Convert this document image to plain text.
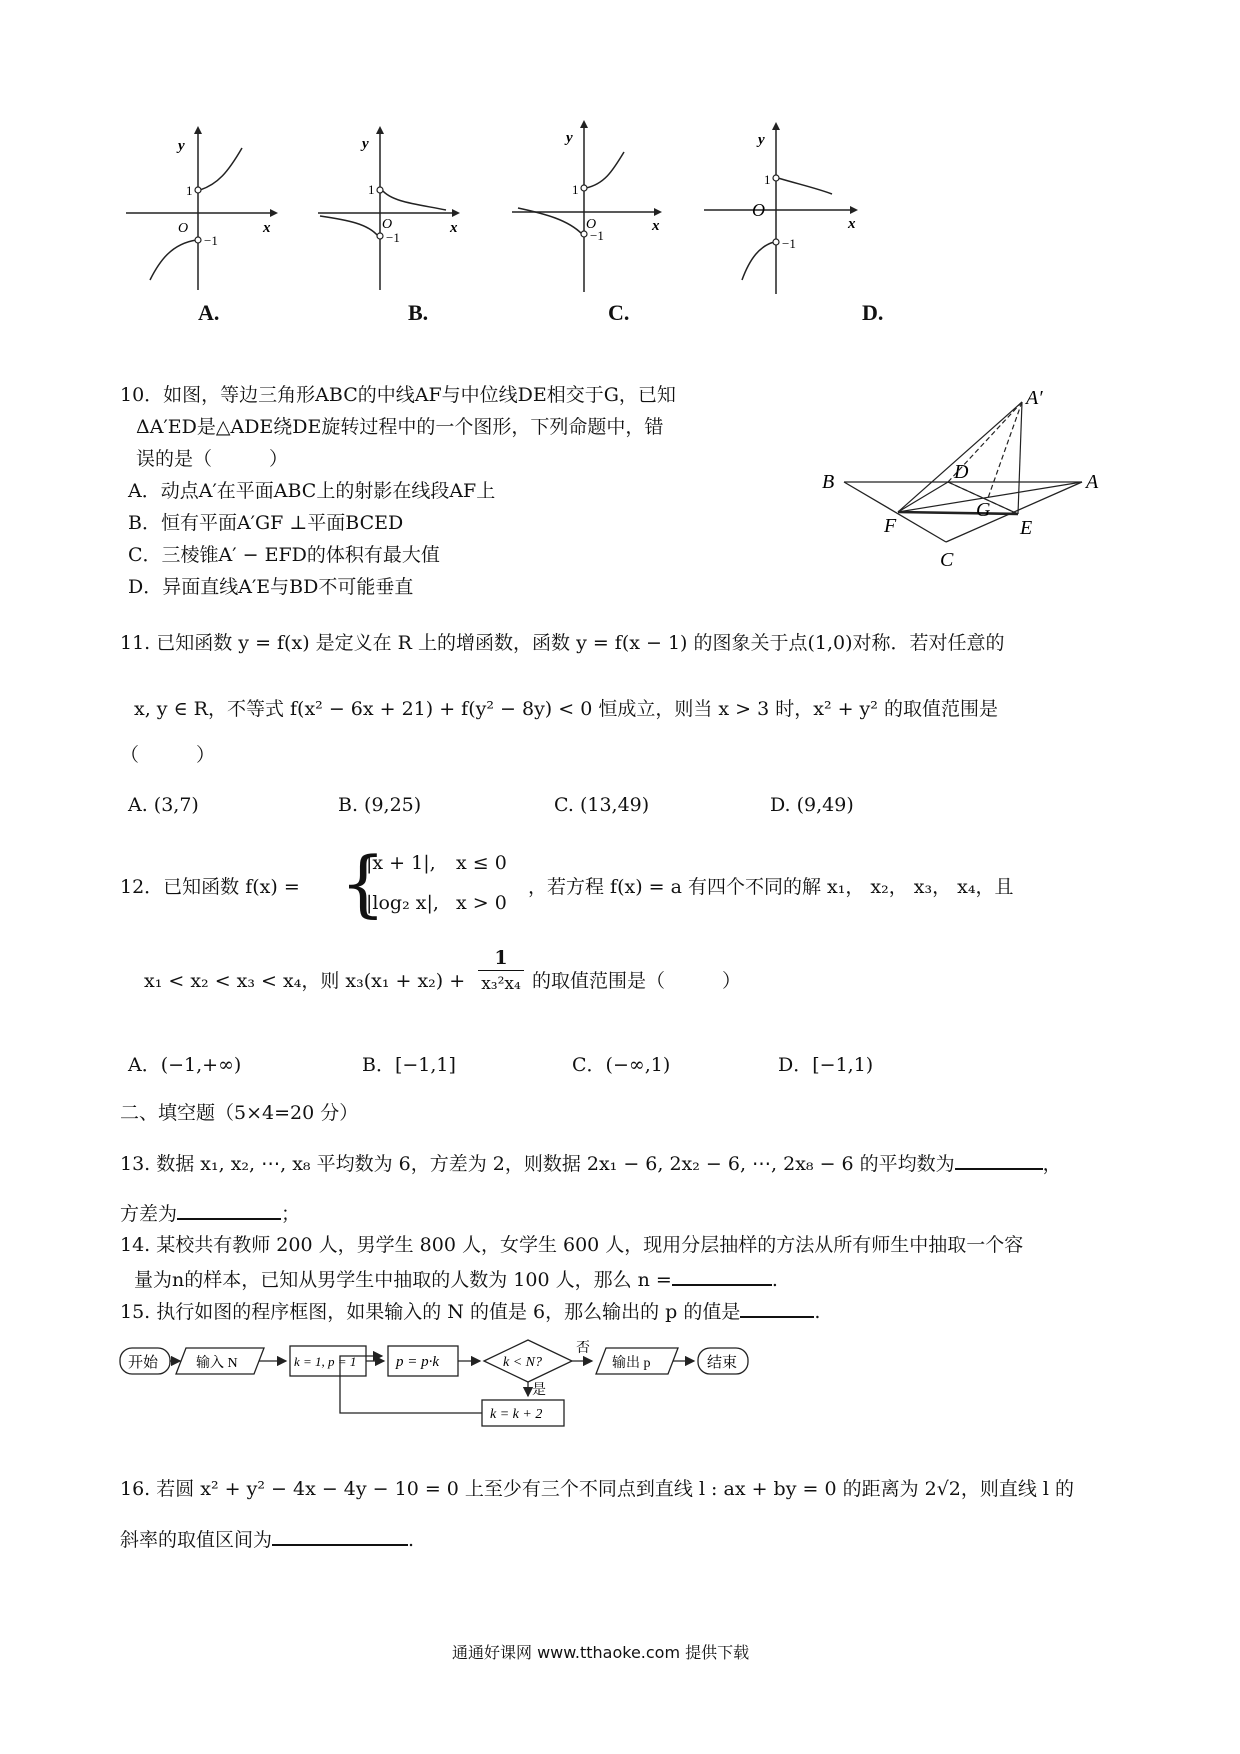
y
x
O
1
−1
A.
y
x
O
1
−1
B.
y
x
O
1
−1
C.
y
x
O
1
−1
D.
10．如图，等边三角形ABC的中线AF与中位线DE相交于G，已知
ΔA′ED是△ADE绕DE旋转过程中的一个图形，下列命题中，错
误的是（　　　）
A．动点A′在平面ABC上的射影在线段AF上
B．恒有平面A′GF ⊥平面BCED
C．三棱锥A′ − EFD的体积有最大值
D．异面直线A′E与BD不可能垂直
A′
A
B
C
D
E
F
G
11. 已知函数 y = f(x) 是定义在 R 上的增函数，函数 y = f(x − 1) 的图象关于点(1,0)对称．若对任意的
x, y ∈ R，不等式 f(x² − 6x + 21) + f(y² − 8y) < 0 恒成立，则当 x > 3 时，x² + y² 的取值范围是
（　　　）
A. (3,7)	B. (9,25)	C. (13,49)	D. (9,49)
12．已知函数 f(x) = {
|x + 1|, x ≤ 0
|log₂ x|, x > 0
，若方程 f(x) = a 有四个不同的解 x₁， x₂， x₃， x₄，且
x₁ < x₂ < x₃ < x₄，则 $x_3(x_1 + x_2) + \frac{1}{\text{x₃²x₄}}$ 的取值范围是（　　　）
A．(−1,+∞)	B．[−1,1]	C．(−∞,1)	D．[−1,1)
二、填空题（5×4=20 分）
13. 数据 x₁, x₂, ⋯, x₈ 平均数为 6，方差为 2，则数据 2x₁ − 6, 2x₂ − 6, ⋯, 2x₈ − 6 的平均数为	，
方差为	；
14. 某校共有教师 200 人，男学生 800 人，女学生 600 人，现用分层抽样的方法从所有师生中抽取一个容
量为n的样本，已知从男学生中抽取的人数为 100 人，那么 n =	.
15. 执行如图的程序框图，如果输入的 N 的值是 6，那么输出的 p 的值是	.
开始	输入 N	k = 1, p = 1	p = p·k	k < N?
否
输出 p	结束
是
k = k + 2
16. 若圆 x² + y² − 4x − 4y − 10 = 0 上至少有三个不同点到直线 l : ax + by = 0 的距离为 2√2，则直线 l 的
斜率的取值区间为	.
通通好课网 www.tthaoke.com 提供下载
